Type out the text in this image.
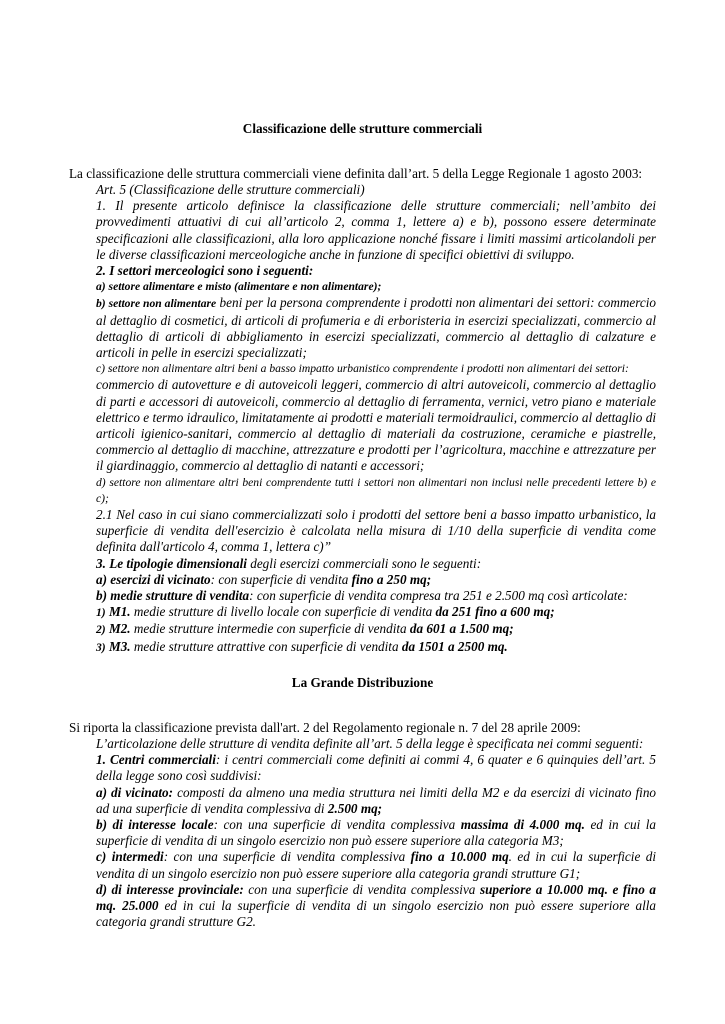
Classificazione delle strutture commerciali

La classificazione delle struttura commerciali viene definita dall’art. 5 della Legge Regionale 1 agosto 2003:

Art. 5 (Classificazione delle strutture commerciali)

1. Il presente articolo definisce la classificazione delle strutture commerciali; nell’ambito dei provvedimenti attuativi di cui all’articolo 2, comma 1, lettere a) e b), possono essere determinate specificazioni alle classificazioni, alla loro applicazione nonché fissare i limiti massimi articolandoli per le diverse classificazioni merceologiche anche in funzione di specifici obiettivi di sviluppo.

2. I settori merceologici sono i seguenti:

a) settore alimentare e misto (alimentare e non alimentare);

b) settore non alimentare beni per la persona comprendente i prodotti non alimentari dei settori: commercio al dettaglio di cosmetici, di articoli di profumeria e di erboristeria in esercizi specializzati, commercio al dettaglio di articoli di abbigliamento in esercizi specializzati, commercio al dettaglio di calzature e articoli in pelle in esercizi specializzati;

c) settore non alimentare altri beni a basso impatto urbanistico comprendente i prodotti non alimentari dei settori:

commercio di autovetture e di autoveicoli leggeri, commercio di altri autoveicoli, commercio al dettaglio di parti e accessori di autoveicoli, commercio al dettaglio di ferramenta, vernici, vetro piano e materiale elettrico e termo idraulico, limitatamente ai prodotti e materiali termoidraulici, commercio al dettaglio di articoli igienico-sanitari, commercio al dettaglio di materiali da costruzione, ceramiche e piastrelle, commercio al dettaglio di macchine, attrezzature e prodotti per l’agricoltura, macchine e attrezzature per il giardinaggio, commercio al dettaglio di natanti e accessori;

d) settore non alimentare altri beni comprendente tutti i settori non alimentari non inclusi nelle precedenti lettere b) e c);

2.1 Nel caso in cui siano commercializzati solo i prodotti del settore beni a basso impatto urbanistico, la superficie di vendita dell'esercizio è calcolata nella misura di 1/10 della superficie di vendita come definita dall'articolo 4, comma 1, lettera c)”

3. Le tipologie dimensionali degli esercizi commerciali sono le seguenti:

a) esercizi di vicinato: con superficie di vendita fino a 250 mq;

b) medie strutture di vendita: con superficie di vendita compresa tra 251 e 2.500 mq così articolate:

1) M1. medie strutture di livello locale con superficie di vendita da 251 fino a 600 mq;

2) M2. medie strutture intermedie con superficie di vendita da 601 a 1.500 mq;

3) M3. medie strutture attrattive con superficie di vendita da 1501 a 2500 mq.

La Grande Distribuzione

Si riporta la classificazione prevista dall'art. 2 del Regolamento regionale n. 7 del 28 aprile 2009:

L’articolazione delle strutture di vendita definite all’art. 5 della legge è specificata nei commi seguenti:

1. Centri commerciali: i centri commerciali come definiti ai commi 4, 6 quater e 6 quinquies dell’art. 5 della legge sono così suddivisi:

a) di vicinato: composti da almeno una media struttura nei limiti della M2 e da esercizi di vicinato fino ad una superficie di vendita complessiva di 2.500 mq;

b) di interesse locale: con una superficie di vendita complessiva massima di 4.000 mq. ed in cui la superficie di vendita di un singolo esercizio non può essere superiore alla categoria M3;

c) intermedi: con una superficie di vendita complessiva fino a 10.000 mq. ed in cui la superficie di vendita di un singolo esercizio non può essere superiore alla categoria grandi strutture G1;

d) di interesse provinciale: con una superficie di vendita complessiva superiore a 10.000 mq. e fino a mq. 25.000 ed in cui la superficie di vendita di un singolo esercizio non può essere superiore alla categoria grandi strutture G2.
